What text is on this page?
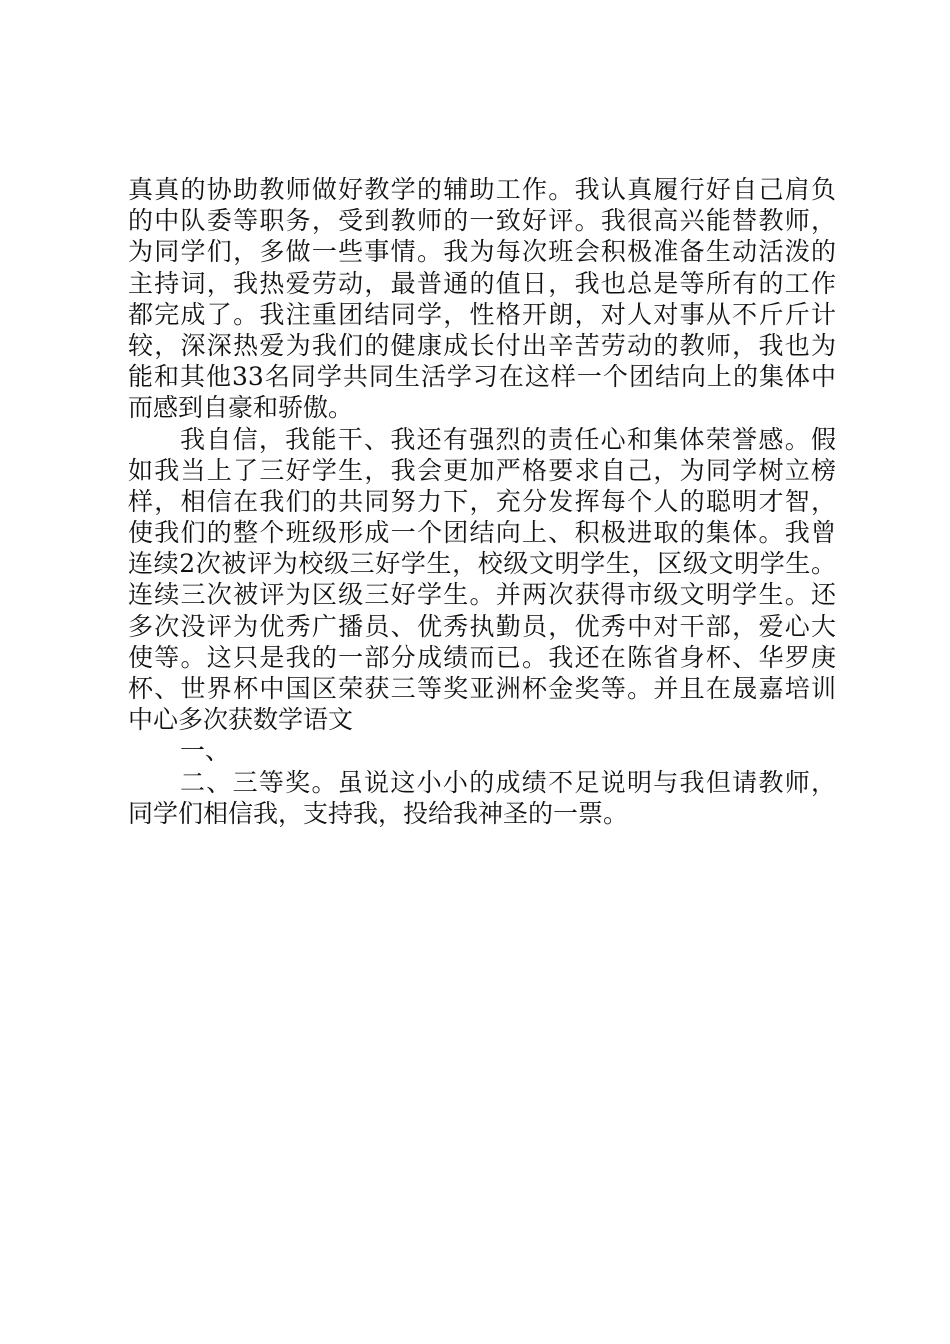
真真的协助教师做好教学的辅助工作。我认真履行好自己肩负
的中队委等职务，受到教师的一致好评。我很高兴能替教师，
为同学们，多做一些事情。我为每次班会积极准备生动活泼的
主持词，我热爱劳动，最普通的值日，我也总是等所有的工作
都完成了。我注重团结同学，性格开朗，对人对事从不斤斤计
较，深深热爱为我们的健康成长付出辛苦劳动的教师，我也为
能和其他33名同学共同生活学习在这样一个团结向上的集体中
而感到自豪和骄傲。
我自信，我能干、我还有强烈的责任心和集体荣誉感。假
如我当上了三好学生，我会更加严格要求自己，为同学树立榜
样，相信在我们的共同努力下，充分发挥每个人的聪明才智，
使我们的整个班级形成一个团结向上、积极进取的集体。我曾
连续2次被评为校级三好学生，校级文明学生，区级文明学生。
连续三次被评为区级三好学生。并两次获得市级文明学生。还
多次没评为优秀广播员、优秀执勤员，优秀中对干部，爱心大
使等。这只是我的一部分成绩而已。我还在陈省身杯、华罗庚
杯、世界杯中国区荣获三等奖亚洲杯金奖等。并且在晟嘉培训
中心多次获数学语文
一、
二、三等奖。虽说这小小的成绩不足说明与我但请教师，
同学们相信我，支持我，投给我神圣的一票。
